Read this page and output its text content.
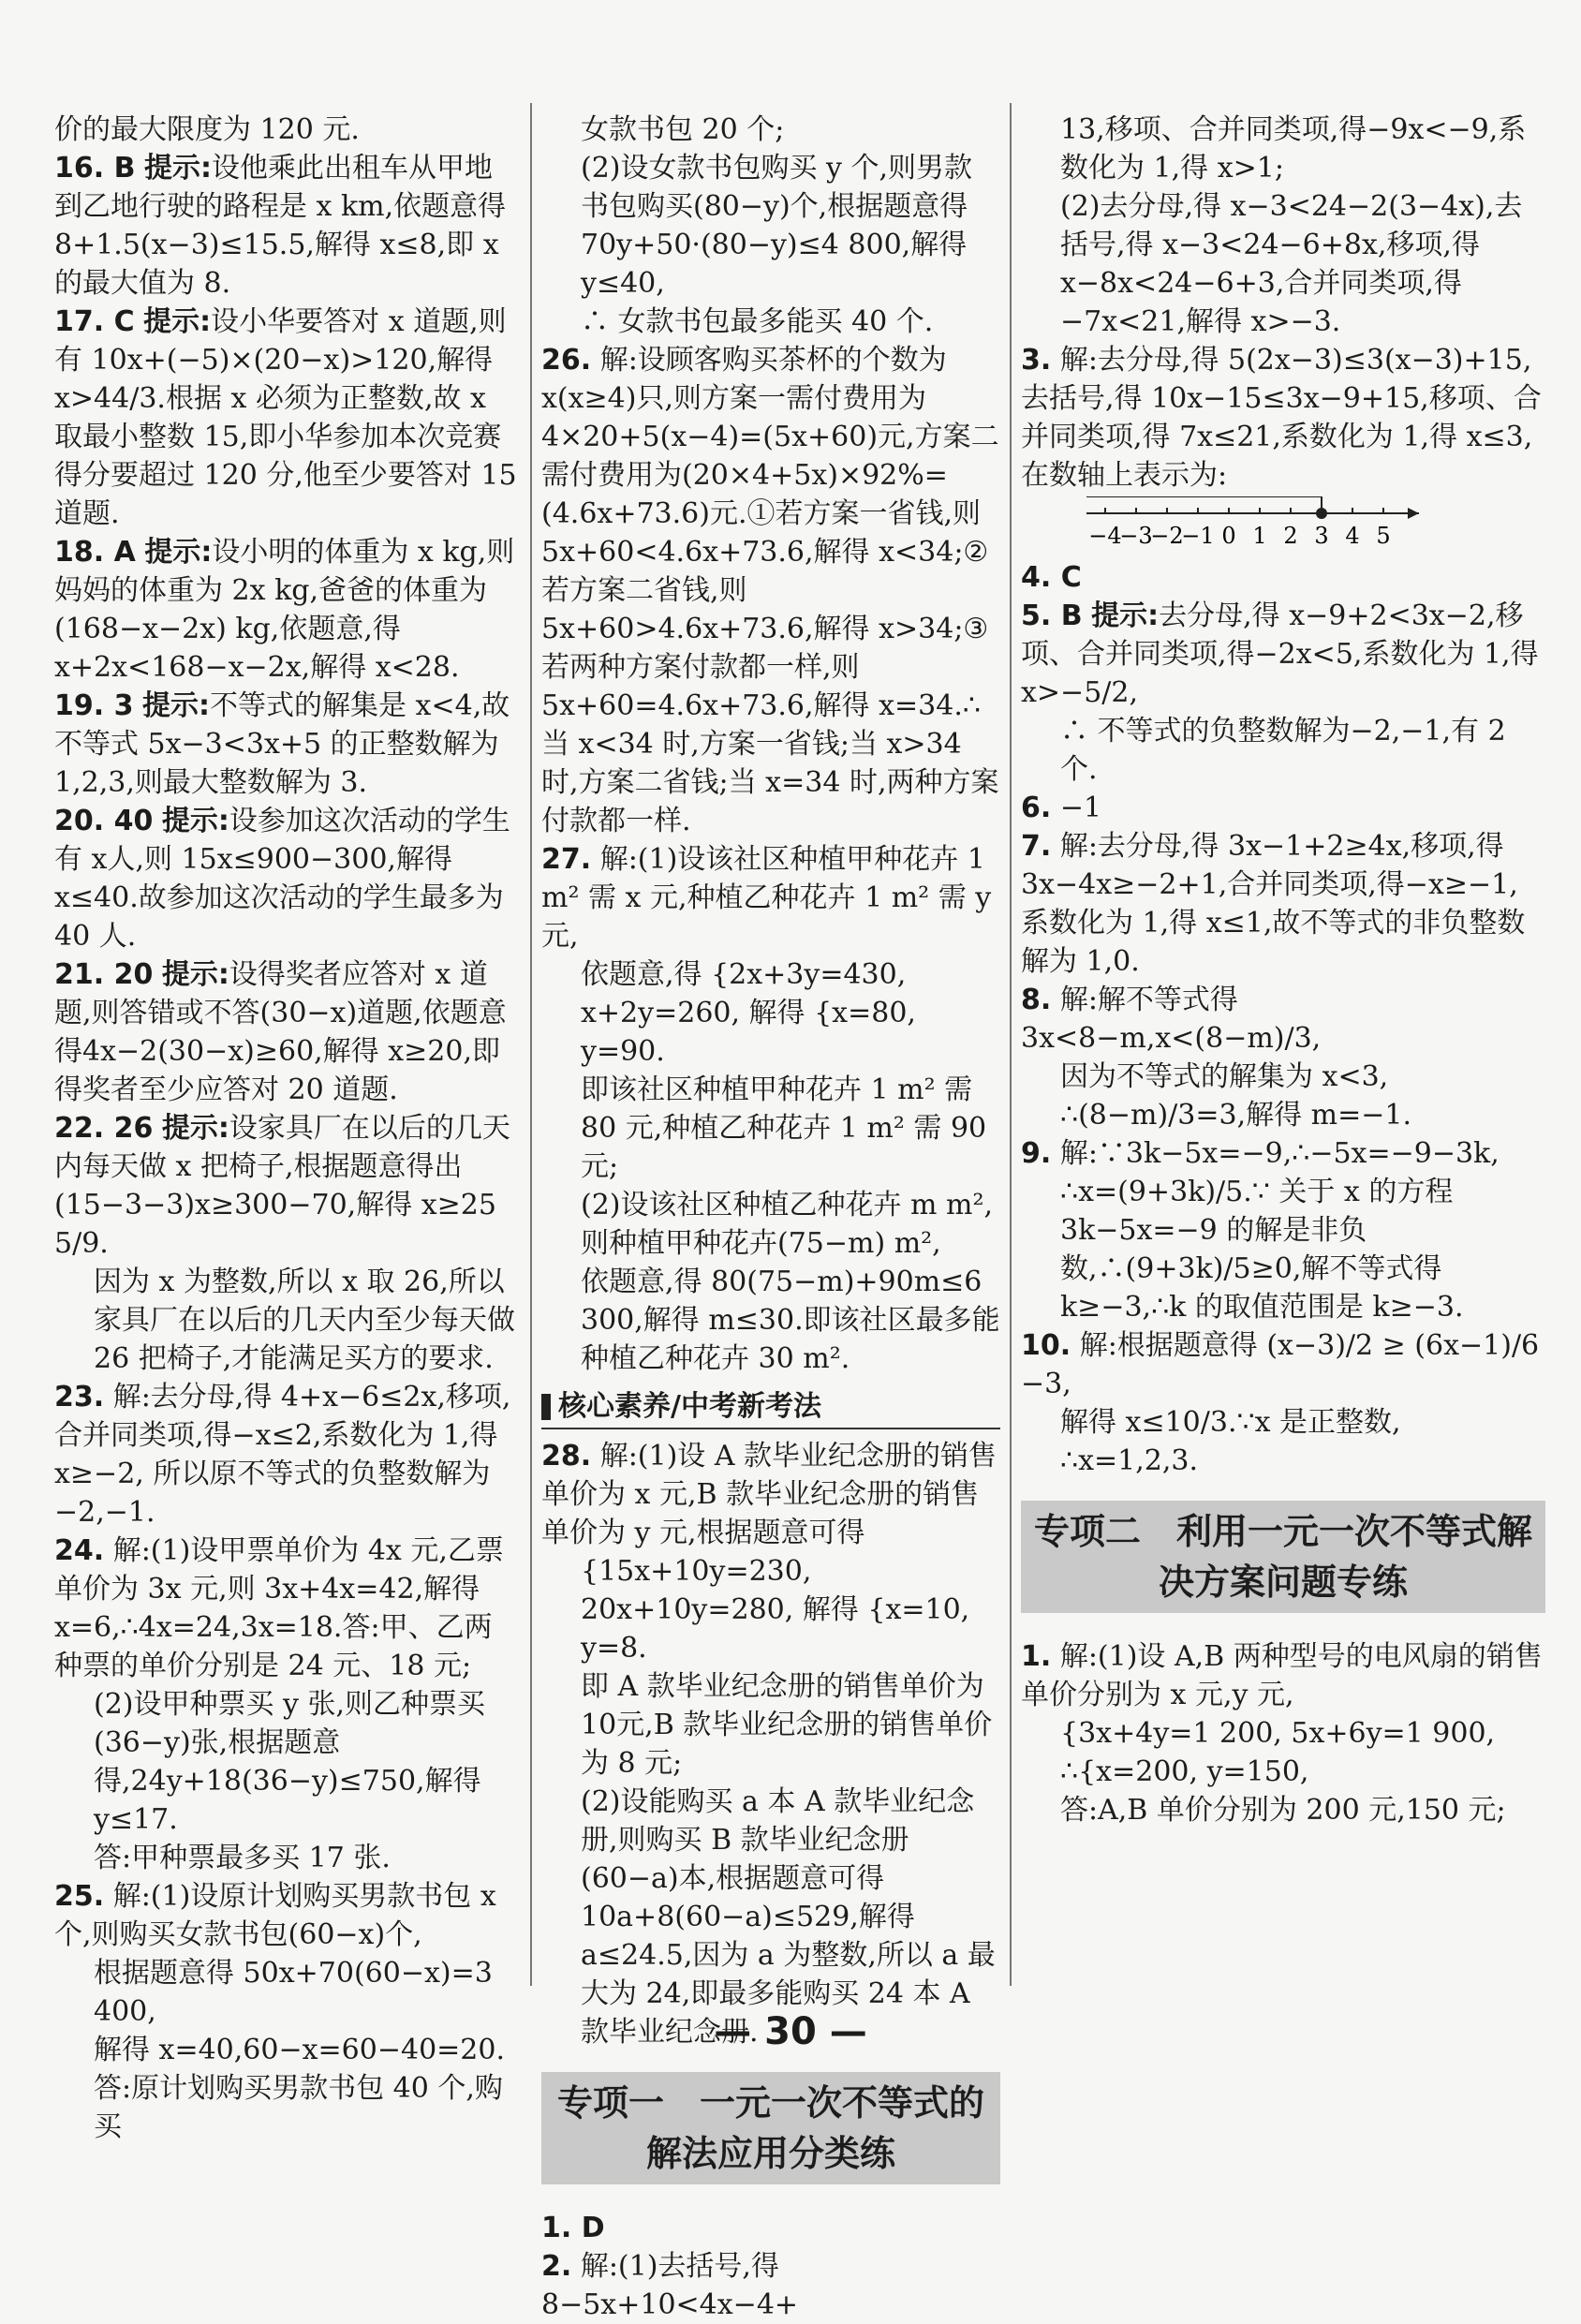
价的最大限度为 120 元.
16. B 提示:设他乘此出租车从甲地到乙地行驶的路程是 x km,依题意得 8+1.5(x−3)≤15.5,解得 x≤8,即 x 的最大值为 8.
17. C 提示:设小华要答对 x 道题,则有 10x+(−5)×(20−x)>120,解得 x>44/3.根据 x 必须为正整数,故 x 取最小整数 15,即小华参加本次竞赛得分要超过 120 分,他至少要答对 15 道题.
18. A 提示:设小明的体重为 x kg,则妈妈的体重为 2x kg,爸爸的体重为(168−x−2x) kg,依题意,得 x+2x<168−x−2x,解得 x<28.
19. 3 提示:不等式的解集是 x<4,故不等式 5x−3<3x+5 的正整数解为 1,2,3,则最大整数解为 3.
20. 40 提示:设参加这次活动的学生有 x人,则 15x≤900−300,解得 x≤40.故参加这次活动的学生最多为 40 人.
21. 20 提示:设得奖者应答对 x 道题,则答错或不答(30−x)道题,依题意得4x−2(30−x)≥60,解得 x≥20,即得奖者至少应答对 20 道题.
22. 26 提示:设家具厂在以后的几天内每天做 x 把椅子,根据题意得出(15−3−3)x≥300−70,解得 x≥25 5/9.
因为 x 为整数,所以 x 取 26,所以家具厂在以后的几天内至少每天做 26 把椅子,才能满足买方的要求.
23. 解:去分母,得 4+x−6≤2x,移项,合并同类项,得−x≤2,系数化为 1,得 x≥−2, 所以原不等式的负整数解为−2,−1.
24. 解:(1)设甲票单价为 4x 元,乙票单价为 3x 元,则 3x+4x=42,解得 x=6,∴4x=24,3x=18.答:甲、乙两种票的单价分别是 24 元、18 元;
(2)设甲种票买 y 张,则乙种票买(36−y)张,根据题意得,24y+18(36−y)≤750,解得 y≤17.
答:甲种票最多买 17 张.
25. 解:(1)设原计划购买男款书包 x 个,则购买女款书包(60−x)个,
根据题意得 50x+70(60−x)=3 400,
解得 x=40,60−x=60−40=20.
答:原计划购买男款书包 40 个,购买
女款书包 20 个;
(2)设女款书包购买 y 个,则男款书包购买(80−y)个,根据题意得 70y+50·(80−y)≤4 800,解得 y≤40,
∴ 女款书包最多能买 40 个.
26. 解:设顾客购买茶杯的个数为 x(x≥4)只,则方案一需付费用为 4×20+5(x−4)=(5x+60)元,方案二需付费用为(20×4+5x)×92%=(4.6x+73.6)元.①若方案一省钱,则 5x+60<4.6x+73.6,解得 x<34;②若方案二省钱,则 5x+60>4.6x+73.6,解得 x>34;③若两种方案付款都一样,则 5x+60=4.6x+73.6,解得 x=34.∴ 当 x<34 时,方案一省钱;当 x>34 时,方案二省钱;当 x=34 时,两种方案付款都一样.
27. 解:(1)设该社区种植甲种花卉 1 m² 需 x 元,种植乙种花卉 1 m² 需 y 元,
依题意,得 {2x+3y=430, x+2y=260, 解得 {x=80, y=90.
即该社区种植甲种花卉 1 m² 需 80 元,种植乙种花卉 1 m² 需 90 元;
(2)设该社区种植乙种花卉 m m²,则种植甲种花卉(75−m) m²,
依题意,得 80(75−m)+90m≤6 300,解得 m≤30.即该社区最多能种植乙种花卉 30 m².
核心素养/中考新考法
28. 解:(1)设 A 款毕业纪念册的销售单价为 x 元,B 款毕业纪念册的销售单价为 y 元,根据题意可得
{15x+10y=230, 20x+10y=280, 解得 {x=10, y=8.
即 A 款毕业纪念册的销售单价为10元,B 款毕业纪念册的销售单价为 8 元;
(2)设能购买 a 本 A 款毕业纪念册,则购买 B 款毕业纪念册(60−a)本,根据题意可得 10a+8(60−a)≤529,解得 a≤24.5,因为 a 为整数,所以 a 最大为 24,即最多能购买 24 本 A 款毕业纪念册.
专项一　一元一次不等式的解法应用分类练
1. D
2. 解:(1)去括号,得 8−5x+10<4x−4+
13,移项、合并同类项,得−9x<−9,系数化为 1,得 x>1;
(2)去分母,得 x−3<24−2(3−4x),去括号,得 x−3<24−6+8x,移项,得 x−8x<24−6+3,合并同类项,得−7x<21,解得 x>−3.
3. 解:去分母,得 5(2x−3)≤3(x−3)+15,去括号,得 10x−15≤3x−9+15,移项、合并同类项,得 7x≤21,系数化为 1,得 x≤3,在数轴上表示为:
−4
−3
−2
−1 0 1 2 3 4 5
4. C
5. B 提示:去分母,得 x−9+2<3x−2,移项、合并同类项,得−2x<5,系数化为 1,得 x>−5/2,
∴ 不等式的负整数解为−2,−1,有 2 个.
6. −1
7. 解:去分母,得 3x−1+2≥4x,移项,得 3x−4x≥−2+1,合并同类项,得−x≥−1,系数化为 1,得 x≤1,故不等式的非负整数解为 1,0.
8. 解:解不等式得 3x<8−m,x<(8−m)/3,
因为不等式的解集为 x<3,
∴(8−m)/3=3,解得 m=−1.
9. 解:∵3k−5x=−9,∴−5x=−9−3k,
∴x=(9+3k)/5.∵ 关于 x 的方程 3k−5x=−9 的解是非负数,∴(9+3k)/5≥0,解不等式得 k≥−3,∴k 的取值范围是 k≥−3.
10. 解:根据题意得 (x−3)/2 ≥ (6x−1)/6 −3,
解得 x≤10/3.∵x 是正整数,
∴x=1,2,3.
专项二　利用一元一次不等式解决方案问题专练
1. 解:(1)设 A,B 两种型号的电风扇的销售单价分别为 x 元,y 元,
{3x+4y=1 200, 5x+6y=1 900,
∴{x=200, y=150,
答:A,B 单价分别为 200 元,150 元;
— 30 —
